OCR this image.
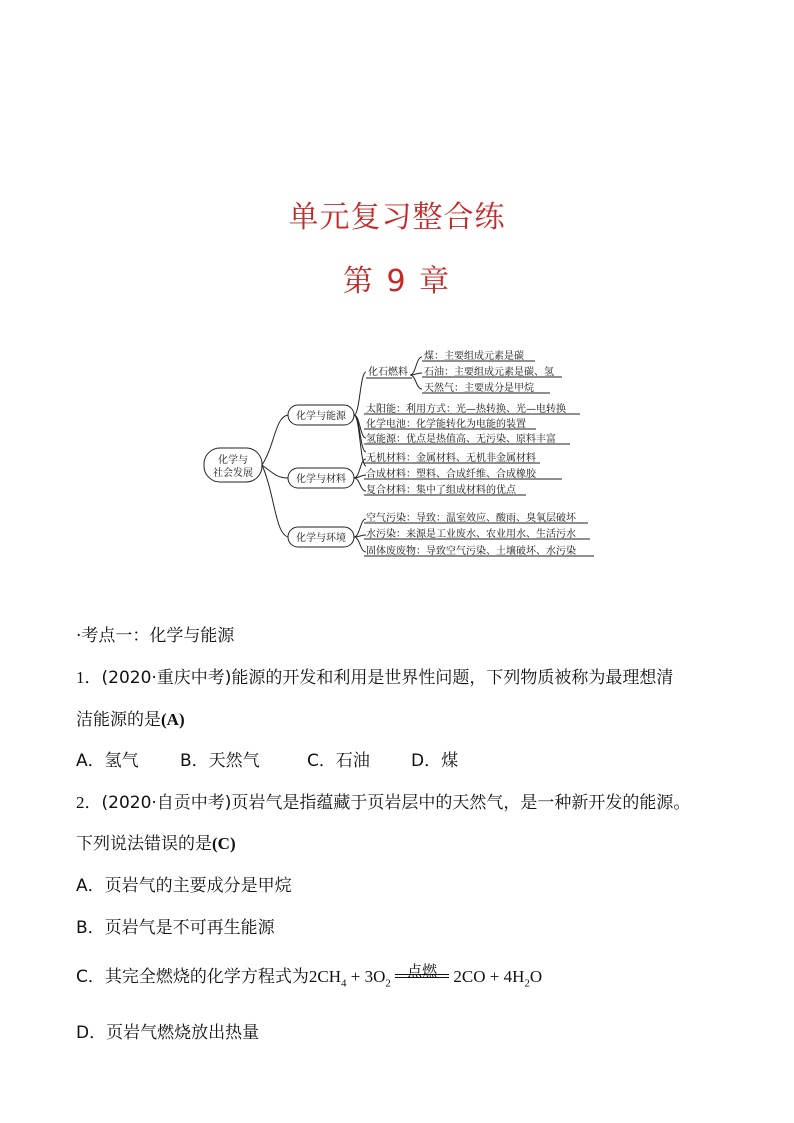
单元复习整合练
第 9 章
化学与
社会发展
化学与能源
化学与材料
化学与环境
化石燃料
煤：主要组成元素是碳
石油：主要组成元素是碳、氢
天然气：主要成分是甲烷
太阳能：利用方式：光—热转换、光—电转换
化学电池：化学能转化为电能的装置
氢能源：优点是热值高、无污染、原料丰富
无机材料：金属材料、无机非金属材料
合成材料：塑料、合成纤维、合成橡胶
复合材料：集中了组成材料的优点
空气污染：导致：温室效应、酸雨、臭氧层破坏
水污染：来源是工业废水、农业用水、生活污水
固体废废物：导致空气污染、土壤破坏、水污染
·考点一：化学与能源
1．(2020·重庆中考)能源的开发和利用是世界性问题，下列物质被称为最理想清
洁能源的是(A)
A．氢气 B．天然气	C．石油 D．煤
2．(2020·自贡中考)页岩气是指蕴藏于页岩层中的天然气，是一种新开发的能源。
下列说法错误的是(C)
A．页岩气的主要成分是甲烷
B．页岩气是不可再生能源
C．其完全燃烧的化学方程式为$2CH_4 + 3O_2$
点燃 $2CO + 4H_2O$
D．页岩气燃烧放出热量
